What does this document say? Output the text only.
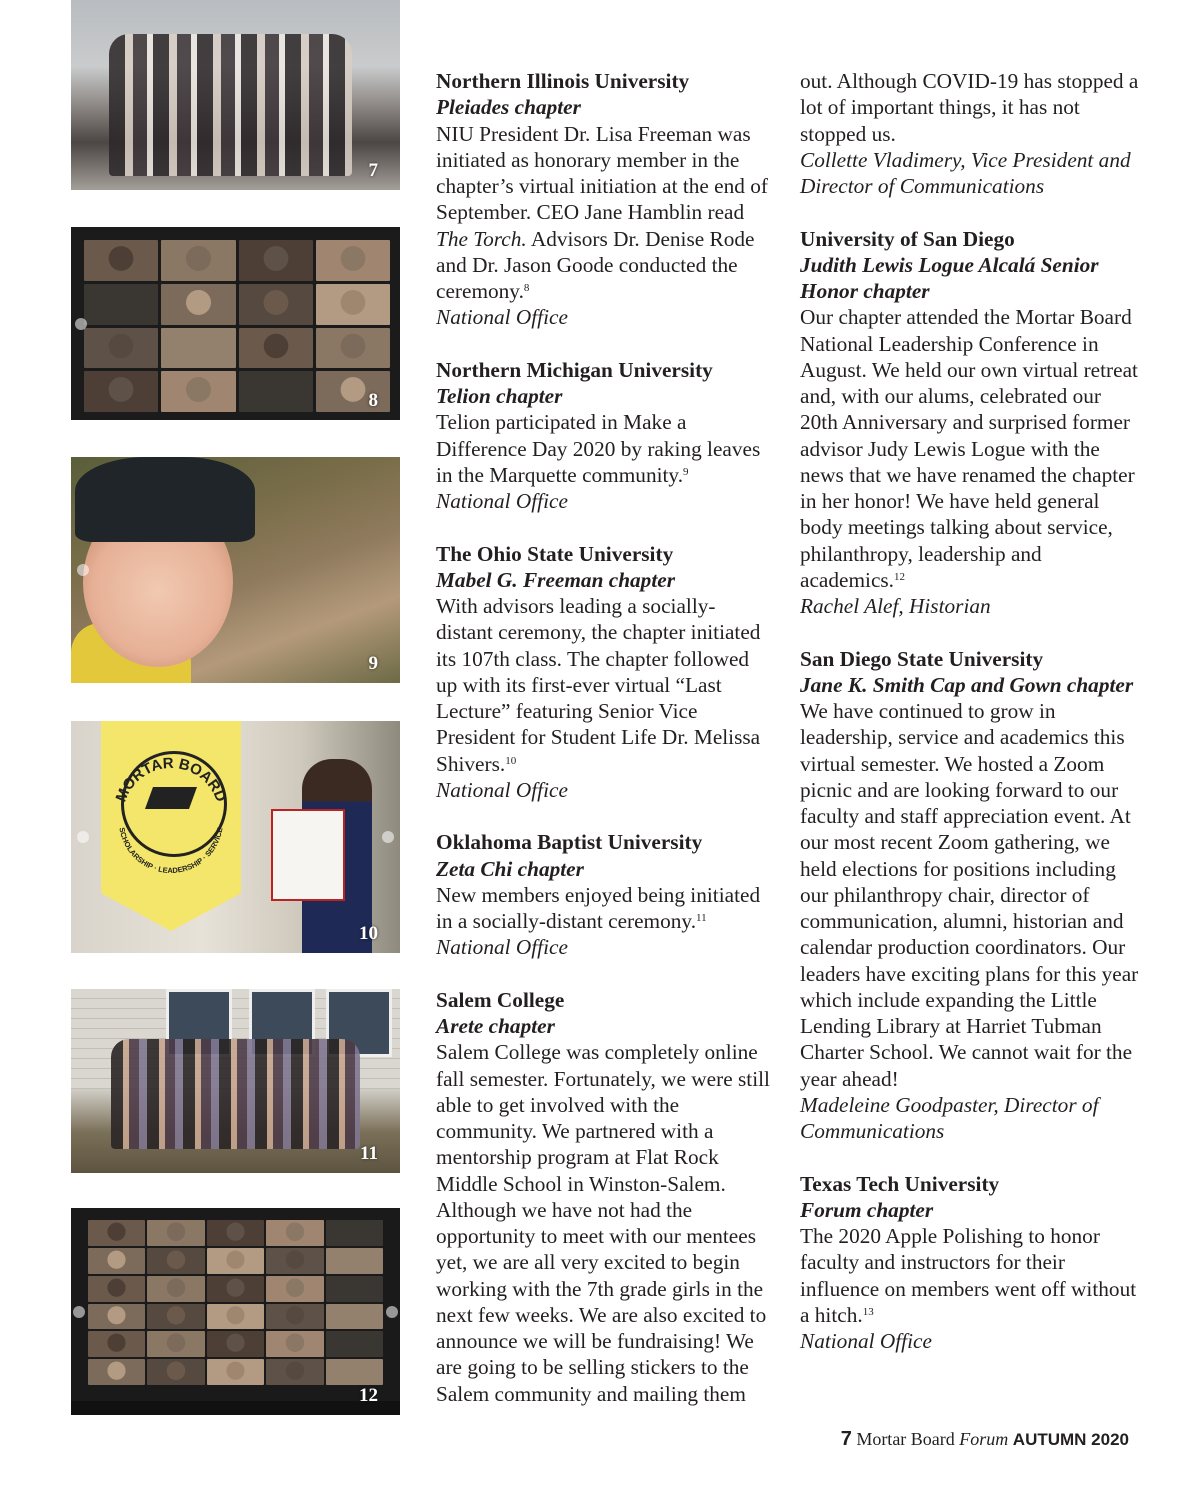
7
8
9
MORTAR BOARD
SCHOLARSHIP · LEADERSHIP · SERVICE
10
11
12
Northern Illinois University
Pleiades chapter
NIU President Dr. Lisa Freeman was initiated as honorary member in the chapter’s virtual initiation at the end of September. CEO Jane Hamblin read The Torch. Advisors Dr. Denise Rode and Dr. Jason Goode conducted the ceremony.$^8$
National Office
Northern Michigan University
Telion chapter
Telion participated in Make a Difference Day 2020 by raking leaves in the Marquette community.$^9$
National Office
The Ohio State University
Mabel G. Freeman chapter
With advisors leading a socially-distant ceremony, the chapter initiated its 107th class. The chapter followed up with its first-ever virtual “Last Lecture” featuring Senior Vice President for Student Life Dr. Melissa Shivers.$^{10}$
National Office
Oklahoma Baptist University
Zeta Chi chapter
New members enjoyed being initiated in a socially-distant ceremony.$^{11}$
National Office
Salem College
Arete chapter
Salem College was completely online fall semester. Fortunately, we were still able to get involved with the community. We partnered with a mentorship program at Flat Rock Middle School in Winston-Salem. Although we have not had the opportunity to meet with our mentees yet, we are all very excited to begin working with the 7th grade girls in the next few weeks. We are also excited to announce we will be fundraising! We are going to be selling stickers to the Salem community and mailing them
out. Although COVID-19 has stopped a lot of important things, it has not stopped us.
Collette Vladimery, Vice President and Director of Communications
University of San Diego
Judith Lewis Logue Alcalá Senior Honor chapter
Our chapter attended the Mortar Board National Leadership Conference in August. We held our own virtual retreat and, with our alums, celebrated our 20th Anniversary and surprised former advisor Judy Lewis Logue with the news that we have renamed the chapter in her honor! We have held general body meetings talking about service, philanthropy, leadership and academics.$^{12}$
Rachel Alef, Historian
San Diego State University
Jane K. Smith Cap and Gown chapter
We have continued to grow in leadership, service and academics this virtual semester. We hosted a Zoom picnic and are looking forward to our faculty and staff appreciation event. At our most recent Zoom gathering, we held elections for positions including our philanthropy chair, director of communication, alumni, historian and calendar production coordinators. Our leaders have exciting plans for this year which include expanding the Little Lending Library at Harriet Tubman Charter School. We cannot wait for the year ahead!
Madeleine Goodpaster, Director of Communications
Texas Tech University
Forum chapter
The 2020 Apple Polishing to honor faculty and instructors for their influence on members went off without a hitch.$^{13}$
National Office
7 Mortar Board Forum AUTUMN 2020
